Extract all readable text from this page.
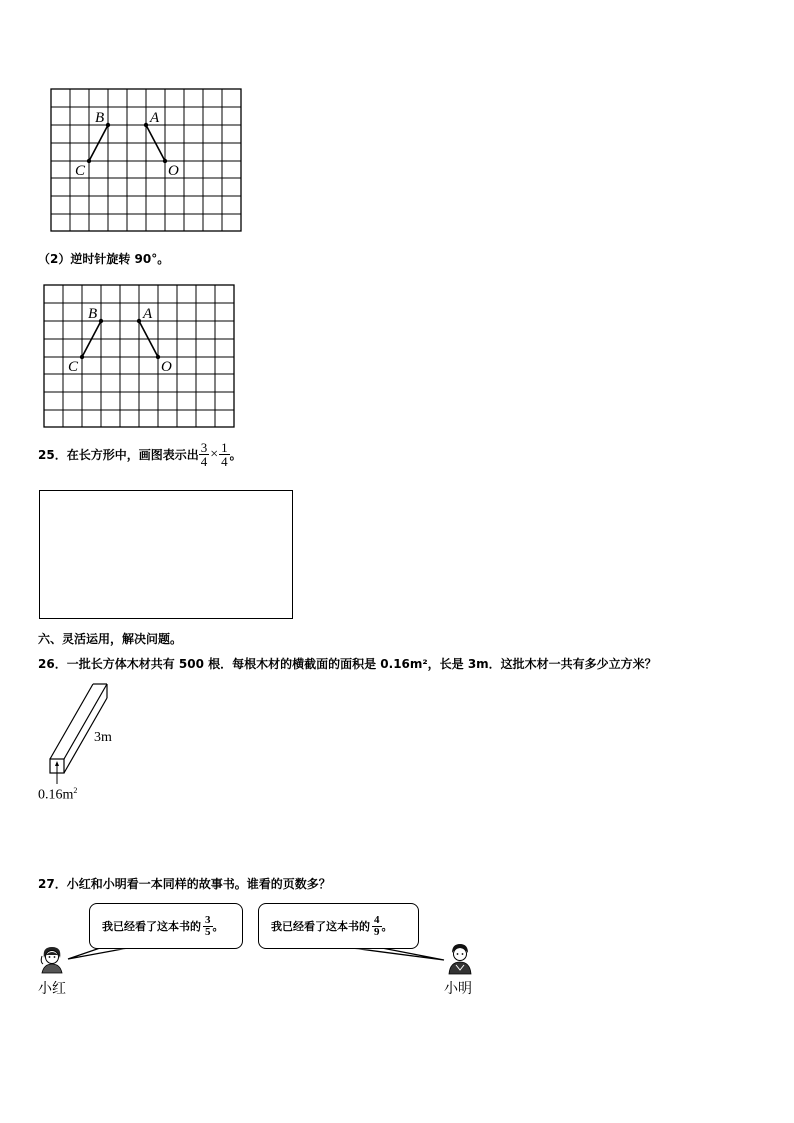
B	A
C	O
（2）逆时针旋转 90°。
B	A
C	O
25．在长方形中，画图表示出 $\frac{3}{4} \times \frac{1}{4}$ 。
六、灵活运用，解决问题。
26．一批长方体木材共有 500 根．每根木材的横截面的面积是 0.16m²，长是 3m．这批木材一共有多少立方米？
3m
$0.16m^2$
27．小红和小明看一本同样的故事书。谁看的页数多？
我已经看了这本书的 $\frac{3}{5}$ 。	我已经看了这本书的 $\frac{4}{9}$ 。
小红	小明
